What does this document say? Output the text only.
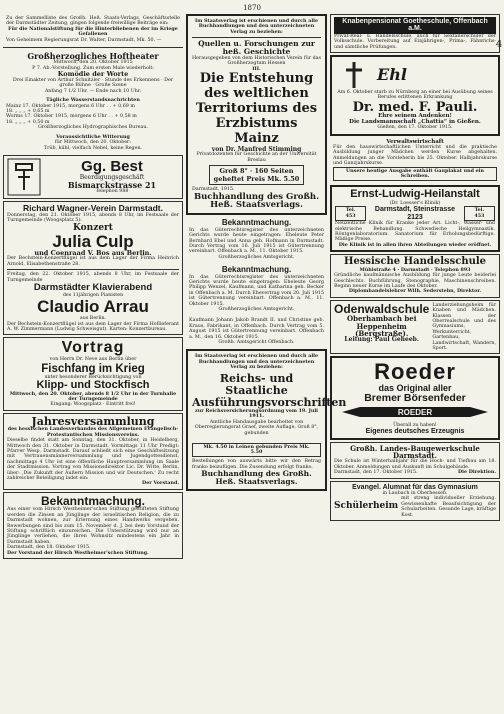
1870
4
Zu der Sammelliste des Großh. Heß. Staats-Verlags, Geschäftsstelle der Darmstädter Zeitung, gingen folgende freiwillige Beiträge ein:
Für die Nationalstiftung für die Hinterbliebenen der im Kriege Gefallenen
Von Geheimem Regierungsrat Dr. Walter, Darmstadt, Mk. 50. —
Großherzogliches Hoftheater
Mittwoch, den 20. Oktober 1915
P 7. Ab.-Vorstellung. Zum ersten Male wiederholt:
Komödie der Worte
Drei Einakter von Arthur Schnitzler · Stunde des Erkennens · Der große Bühne · Große Szene
Anfang 7 1/2 Uhr. — Ende nach 10 Uhr.
Tägliche Wasserstandsnachrichten
Mainz 17. Oktober 1915, morgens 6 Uhr . . + 0,69 m
18. „ „ „ + 0,65 m
Worms 17. Oktober 1915, morgens 6 Uhr . . + 0,58 m
18. „ „ „ + 0,50 m
Großherzogliches Hydrographisches Bureau.
Voraussichtliche Witterung
für Mittwoch, den 20. Oktober:
Trüb, kühl, vielfach Nebel, keine Regen.
Gg. Best
Beerdigungsgeschäft
Bismarckstrasse 21
Telephon 988
Richard Wagner-Verein Darmstadt.
Donnerstag, den 21. Oktober 1915, abends 8 Uhr, im Festsaale der Turngemeinde (Woogsplatz 5):
Konzert
Julia Culp
und Coenraad V. Bos aus Berlin.
Der Bechstein-Konzertflügel ist aus dem Lager der Firma Heinrich Arnold, Elisabethenstraße 28.
Freitag, den 22. Oktober 1915, abends 8 Uhr, im Festsaale der Turngemeinde
Darmstädter Klavierabend
des 11jährigen Pianisten
Claudio Arrau
aus Berlin.
Der Bechstein-Konzertflügel ist aus dem Lager der Firma Hoflieferant A. W. Zimmermann (Ludwig Schweisgut). Karten: Konzertbureau.
Vortrag
von Herrn Dr. Neve aus Berlin über
Fischfang im Krieg
unter besonderer Berücksichtigung von
Klipp- und Stockfisch
Mittwoch, den 20. Oktober, abends 8 1/2 Uhr in der Turnhalle der Turngemeinde
Eingang: Woogsplatz · Eintritt frei!
Jahresversammlung
des hessischen Landesverbandes des Allgemeinen Evangelisch-Protestantischen Missionsvereins.
Dieselbe findet statt am Sonntag, den 31. Oktober, in Heidelberg, Mittwoch den 31. Oktober in Darmstadt. Vormittags 11 Uhr Predigt: Pfarrer Wesp, Darmstadt. Darauf schließt sich eine Geschäftssitzung mit Vertrauensmännerversammlung und Jugendgottesdienst, nachmittags 4 Uhr ist eine öffentliche Hauptversammlung im Saale der Stadtmission. Vortrag von Missionsdirektor Lic. Dr. Witte, Berlin, über: ‚Die Zukunft der Äußern Mission und wir Deutschen.' Zu recht zahlreicher Beteiligung ladet ein:
Der Vorstand.
Bekanntmachung.
Aus einer vom Hirsch Westheimer'schen Stiftung gestifteten Stiftung werden die Zinsen an Jünglinge der israelitischen Religion, die zu Darmstadt wohnen, zur Erlernung eines Handwerks vergeben. Bewerbungen sind bis zum 15. November d. J. bei dem Vorstand der Stiftung schriftlich einzureichen. Die Unterstützung wird nur an Jünglinge verliehen, die ihren Wohnsitz mindestens ein Jahr in Darmstadt haben.
Darmstadt, den 18. Oktober 1915.
Der Vorstand der Hirsch Westheimer'schen Stiftung.
Im Staatsverlag ist erschienen und durch alle Buchhandlungen und den unterzeichneten Verlag zu beziehen:
Quellen u. Forschungen zur heß. Geschichte
Herausgegeben von dem Historischen Verein für das Großherzogtum Hessen
III.
Die Entstehung des weltlichen Territoriums des Erzbistums Mainz
von Dr. Manfred Stimming
Privatdozenten für Geschichte an der Universität Breslau
Groß 8° · 160 Seiten
geheftet Preis Mk. 5.50
Darmstadt, 1915.
Buchhandlung des Großh. Heß. Staatsverlags.
Bekanntmachung.
In das Güterrechtsregister des unterzeichneten Gerichts wurde heute eingetragen: Eheleute Peter Bernhard Ebel und Anna geb. Hofmann in Darmstadt. Durch Vertrag vom 16. Juli 1915 ist Gütertrennung vereinbart. Offenbach a. M., 11. Oktober 1915.
Großherzogliches Amtsgericht.
Bekanntmachung.
In das Güterrechtsregister des unterzeichneten Gerichts wurde heute eingetragen: Eheleute Georg Philipp Wenzel, Kaufmann, und Katharina geb. Becker in Offenbach a. M. Durch Ehevertrag vom 20. Juli 1915 ist Gütertrennung vereinbart. Offenbach a. M., 11. Oktober 1915.
Großherzogliches Amtsgericht.
Kaufmann Johann Jakob Brandt II. und Christine geb. Kraus, Fabrikant, in Offenbach. Durch Vertrag vom 5. August 1915 ist Gütertrennung vereinbart. Offenbach a. M., den 16. Oktober 1915.
Großh. Amtsgericht Offenbach.
Im Staatsverlag ist erschienen und durch alle Buchhandlungen und den unterzeichneten Verlag zu beziehen:
Reichs- und Staatliche Ausführungsvorschriften
zur Reichsversicherungsordnung vom 19. Juli 1911.
Amtliche Handausgabe bearbeitet von Oberregierungsrat Graef, zweite Auflage, Groß 8°, gebunden
Mk. 4.50 in Leinen gebunden Preis Mk. 5.50
Bestellungen von auswärts bitte wir den Betrag franko beizufügen. Die Zusendung erfolgt franko.
Buchhandlung des Großh. Heß. Staatsverlags.
Knabenpensionat Goetheschule, Offenbach a.M.
Privat-Real- u. Handelsschule, auch für Sextanerschüler der Volksschule. Vorbereitung auf Einjährigen-, Prima-, Fähnrichs- und sämtliche Prüfungen.
Ehl
Am 6. Oktober starb zu Nürnberg an einer bei Ausübung seines Berufes erlittenen Erkrankung
Dr. med. F. Pauli.
Ehre seinem Andenken!
Die Landsmannschaft „Chattia“ in Gießen.
Gießen, den 17. Oktober 1915.
Verwaltswirtschaft
Für den hauswirtschaftlichen Unterricht und die praktische Ausbildung junger Mädchen werden Kurse abgehalten. Anmeldungen an die Vorsteherin bis 25. Oktober. Halbjahrskurse und Ganzjahrskurse.
Unsere heutige Ausgabe enthält Gauplakat und ein Schreiben.
Ernst-Ludwig-Heilanstalt
(Dr. Loesser's Klinik)
Tel. 453
Darmstadt, Steinstrasse 2123
Tel. 453
Neuzeitliche Klinik für Kranke jeder Art. Licht-, Wasser- und elektrische Behandlung. Schwedische Heilgymnastik. Röntgenlaboratorium. Sanatorium für Erholungsbedürftige. Mäßige Preise.
Die Klinik ist in allen ihren Abteilungen wieder eröffnet.
Hessische Handelsschule
Mühlstraße 4 · Darmstadt · Telephon 893
Gründliche kaufmännische Ausbildung für junge Leute beiderlei Geschlechts. Buchführung, Stenographie, Maschinenschreiben. Beginn neuer Kurse im Laufe des Oktober.
Diplomhandelslehrer Wilh. Sederstehn, Direktor.
Odenwaldschule
Oberhambach bei Heppenheim (Bergstraße).
Leitung: Paul Geheeb.
Landerziehungsheim für Knaben und Mädchen. Klassen der Oberrealschule und des Gymnasiums, Werkunterricht, Gartenbau, Landwirtschaft, Wandern, Sport.
Roeder
das Original aller
Bremer Börsenfeder
ROEDER
Überall zu haben!
Eigenes deutsches Erzeugnis
Großh. Landes-Baugewerkschule Darmstadt.
Die Schule ist Winterhalbjahr für die Hoch- und Tiefbau am 18. Oktober. Anmeldungen und Auskunft im Schulgebäude.
Darmstadt, den 17. Oktober 1915.	Die Direktion.
Evangel. Alumnat für das Gymnasium
in Laubach in Oberhessen.
Schülerheim
mit streng individueller Erziehung. Gewissenhafte Beaufsichtigung der Schularbeiten. Gesunde Lage, kräftige Kost.
